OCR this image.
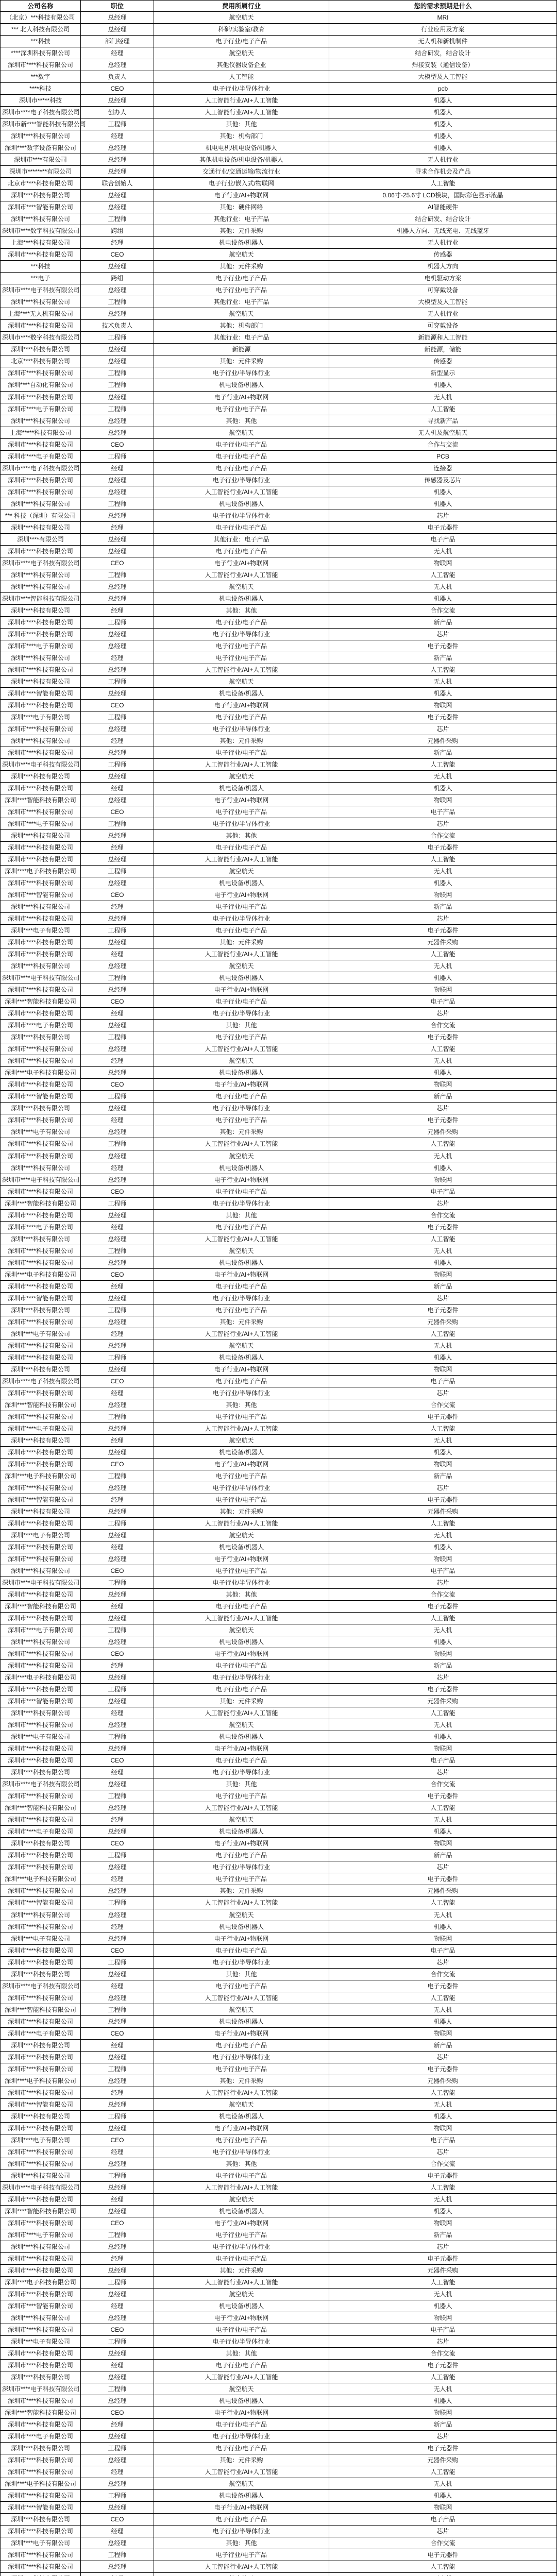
公司名称	职位	费用所属行业	您的需求预期是什么
（北京）***科技有限公司	总经理	航空航天	MRI
*** 北人科技有限公司	总经理	科研/实验室/教育	行业应用及方案
***科技	部门经理	电子行业/电子产品	无人机和新机制件
****深圳科技有限公司	经理	航空航天	结合研发，结合设计
深圳市****科技有限公司	总经理	其他仪器设备企业	焊接安装（通信设备）
***数字	负责人	人工智能	大模型及人工智能
****科技	CEO	电子行业/半导体行业	pcb
深圳市*****科技	总经理	人工智能行业/AI+人工智能	机器人
深圳市****电子科技有限公司	创办人	人工智能行业/AI+人工智能	机器人
深圳市新****智能科技有限公司	工程师	其他：其他	机器人
深圳****科技有限公司	经理	其他：机构部门	机器人
深圳****数字设备有限公司	总经理	机电电机/机电设备/机器人	机器人
深圳市****有限公司	总经理	其他机电设备/机电设备/机器人	无人机行业
深圳市********有限公司	总经理	交通行业/交通运输/物流行业	寻求合作机会及产品
北京市****科技有限公司	联合创始人	电子行业/嵌入式/物联网	人工智能
深圳****科技有限公司	总经理	电子行业/AI+物联网	0.06寸-25.6寸 LCD模块，国际彩色显示液晶
深圳市****智能有限公司	总经理	其他：硬件网络	AI智能硬件
深圳****科技有限公司	工程师	其他行业：电子产品	结合研发、结合设计
深圳市****数字科技有限公司	跨组	其他：元件采购	机器人方向、无线充电、无线蓝牙
上海****科技有限公司	经理	机电设备/机器人	无人机行业
深圳市****科技有限公司	CEO	航空航天	传感器
***科技	总经理	其他：元件采购	机器人方向
***电子	跨组	电子行业/电子产品	电机驱动方案
深圳市****电子科技有限公司	总经理	电子行业/电子产品	可穿戴设备
深圳****科技有限公司	工程师	其他行业：电子产品	大模型及人工智能
上海****无人机有限公司	总经理	航空航天	无人机行业
深圳市****科技有限公司	技术负责人	其他：机构部门	可穿戴设备
深圳市****数字科技有限公司	工程师	其他行业：电子产品	新能源和人工智能
深圳****科技有限公司	总经理	新能源	新能源，储能
北京****科技有限公司	总经理	其他：元件采购	传感器
深圳市****科技有限公司	工程师	电子行业/半导体行业	新型显示
深圳****自动化有限公司	工程师	机电设备/机器人	机器人
深圳市****科技有限公司	总经理	电子行业/AI+物联网	无人机
深圳市****电子有限公司	工程师	电子行业/电子产品	人工智能
深圳****科技有限公司	总经理	其他：其他	寻找新产品
上海*****科技有限公司	总经理	航空航天	无人机及航空航天
深圳市****科技有限公司	CEO	电子行业/电子产品	合作与交流
深圳市****电子有限公司	工程师	电子行业/电子产品	PCB
深圳市****电子科技有限公司	经理	电子行业/电子产品	连接器
深圳市****科技有限公司	总经理	电子行业/半导体行业	传感器及芯片
深圳市****科技有限公司	总经理	人工智能行业/AI+人工智能	机器人
深圳****科技有限公司	工程师	机电设备/机器人	机器人
*** 科技（深圳）有限公司	总经理	电子行业/半导体行业	芯片
深圳****科技有限公司	经理	电子行业/电子产品	电子元器件
深圳****有限公司	总经理	其他行业：电子产品	电子产品
深圳市****科技有限公司	总经理	电子行业/电子产品	无人机
深圳市****电子科技有限公司	CEO	电子行业/AI+物联网	物联网
深圳****科技有限公司	工程师	人工智能行业/AI+人工智能	人工智能
深圳****科技有限公司	总经理	航空航天	无人机
深圳市****智能科技有限公司	总经理	机电设备/机器人	机器人
深圳****科技有限公司	经理	其他：其他	合作交流
深圳市****科技有限公司	工程师	电子行业/电子产品	新产品
深圳市****科技有限公司	总经理	电子行业/半导体行业	芯片
深圳市****电子有限公司	总经理	电子行业/电子产品	电子元器件
深圳****科技有限公司	经理	电子行业/电子产品	新产品
深圳市****科技有限公司	总经理	人工智能行业/AI+人工智能	人工智能
深圳****科技有限公司	工程师	航空航天	无人机
深圳市****智能有限公司	总经理	机电设备/机器人	机器人
深圳市****科技有限公司	CEO	电子行业/AI+物联网	物联网
深圳****电子有限公司	工程师	电子行业/电子产品	电子元器件
深圳市****科技有限公司	总经理	电子行业/半导体行业	芯片
深圳****科技有限公司	经理	其他：元件采购	元器件采购
深圳市****科技有限公司	总经理	电子行业/电子产品	新产品
深圳市****电子科技有限公司	工程师	人工智能行业/AI+人工智能	人工智能
深圳****科技有限公司	总经理	航空航天	无人机
深圳市****科技有限公司	经理	机电设备/机器人	机器人
深圳****智能科技有限公司	总经理	电子行业/AI+物联网	物联网
深圳市****科技有限公司	CEO	电子行业/电子产品	电子产品
深圳市****电子有限公司	工程师	电子行业/半导体行业	芯片
深圳****科技有限公司	总经理	其他：其他	合作交流
深圳市****科技有限公司	经理	电子行业/电子产品	电子元器件
深圳市****科技有限公司	总经理	人工智能行业/AI+人工智能	人工智能
深圳****电子科技有限公司	工程师	航空航天	无人机
深圳市****科技有限公司	总经理	机电设备/机器人	机器人
深圳市****智能有限公司	CEO	电子行业/AI+物联网	物联网
深圳****科技有限公司	经理	电子行业/电子产品	新产品
深圳市****科技有限公司	总经理	电子行业/半导体行业	芯片
深圳****电子有限公司	工程师	电子行业/电子产品	电子元器件
深圳市****科技有限公司	总经理	其他：元件采购	元器件采购
深圳市****科技有限公司	经理	人工智能行业/AI+人工智能	人工智能
深圳****科技有限公司	总经理	航空航天	无人机
深圳市****电子科技有限公司	工程师	机电设备/机器人	机器人
深圳市****科技有限公司	总经理	电子行业/AI+物联网	物联网
深圳****智能科技有限公司	CEO	电子行业/电子产品	电子产品
深圳市****科技有限公司	经理	电子行业/半导体行业	芯片
深圳市****电子有限公司	总经理	其他：其他	合作交流
深圳****科技有限公司	工程师	电子行业/电子产品	电子元器件
深圳市****科技有限公司	总经理	人工智能行业/AI+人工智能	人工智能
深圳市****科技有限公司	经理	航空航天	无人机
深圳****电子科技有限公司	总经理	机电设备/机器人	机器人
深圳市****科技有限公司	CEO	电子行业/AI+物联网	物联网
深圳市****智能有限公司	工程师	电子行业/电子产品	新产品
深圳****科技有限公司	总经理	电子行业/半导体行业	芯片
深圳市****科技有限公司	经理	电子行业/电子产品	电子元器件
深圳****电子有限公司	总经理	其他：元件采购	元器件采购
深圳市****科技有限公司	工程师	人工智能行业/AI+人工智能	人工智能
深圳市****科技有限公司	总经理	航空航天	无人机
深圳****科技有限公司	经理	机电设备/机器人	机器人
深圳市****电子科技有限公司	总经理	电子行业/AI+物联网	物联网
深圳市****科技有限公司	CEO	电子行业/电子产品	电子产品
深圳****智能科技有限公司	工程师	电子行业/半导体行业	芯片
深圳市****科技有限公司	总经理	其他：其他	合作交流
深圳市****电子有限公司	经理	电子行业/电子产品	电子元器件
深圳****科技有限公司	总经理	人工智能行业/AI+人工智能	人工智能
深圳市****科技有限公司	工程师	航空航天	无人机
深圳市****科技有限公司	总经理	机电设备/机器人	机器人
深圳****电子科技有限公司	CEO	电子行业/AI+物联网	物联网
深圳市****科技有限公司	经理	电子行业/电子产品	新产品
深圳市****智能有限公司	总经理	电子行业/半导体行业	芯片
深圳****科技有限公司	工程师	电子行业/电子产品	电子元器件
深圳市****科技有限公司	总经理	其他：元件采购	元器件采购
深圳****电子有限公司	经理	人工智能行业/AI+人工智能	人工智能
深圳市****科技有限公司	总经理	航空航天	无人机
深圳市****科技有限公司	工程师	机电设备/机器人	机器人
深圳****科技有限公司	总经理	电子行业/AI+物联网	物联网
深圳市****电子科技有限公司	CEO	电子行业/电子产品	电子产品
深圳市****科技有限公司	经理	电子行业/半导体行业	芯片
深圳****智能科技有限公司	总经理	其他：其他	合作交流
深圳市****科技有限公司	工程师	电子行业/电子产品	电子元器件
深圳市****电子有限公司	总经理	人工智能行业/AI+人工智能	人工智能
深圳****科技有限公司	经理	航空航天	无人机
深圳市****科技有限公司	总经理	机电设备/机器人	机器人
深圳市****科技有限公司	CEO	电子行业/AI+物联网	物联网
深圳****电子科技有限公司	工程师	电子行业/电子产品	新产品
深圳市****科技有限公司	总经理	电子行业/半导体行业	芯片
深圳市****智能有限公司	经理	电子行业/电子产品	电子元器件
深圳****科技有限公司	总经理	其他：元件采购	元器件采购
深圳市****科技有限公司	工程师	人工智能行业/AI+人工智能	人工智能
深圳****电子有限公司	总经理	航空航天	无人机
深圳市****科技有限公司	经理	机电设备/机器人	机器人
深圳市****科技有限公司	总经理	电子行业/AI+物联网	物联网
深圳****科技有限公司	CEO	电子行业/电子产品	电子产品
深圳市****电子科技有限公司	工程师	电子行业/半导体行业	芯片
深圳市****科技有限公司	总经理	其他：其他	合作交流
深圳****智能科技有限公司	经理	电子行业/电子产品	电子元器件
深圳市****科技有限公司	总经理	人工智能行业/AI+人工智能	人工智能
深圳市****电子有限公司	工程师	航空航天	无人机
深圳****科技有限公司	总经理	机电设备/机器人	机器人
深圳市****科技有限公司	CEO	电子行业/AI+物联网	物联网
深圳市****科技有限公司	经理	电子行业/电子产品	新产品
深圳****电子科技有限公司	总经理	电子行业/半导体行业	芯片
深圳市****科技有限公司	工程师	电子行业/电子产品	电子元器件
深圳市****智能有限公司	总经理	其他：元件采购	元器件采购
深圳****科技有限公司	经理	人工智能行业/AI+人工智能	人工智能
深圳市****科技有限公司	总经理	航空航天	无人机
深圳****电子有限公司	工程师	机电设备/机器人	机器人
深圳市****科技有限公司	总经理	电子行业/AI+物联网	物联网
深圳市****科技有限公司	CEO	电子行业/电子产品	电子产品
深圳****科技有限公司	经理	电子行业/半导体行业	芯片
深圳市****电子科技有限公司	总经理	其他：其他	合作交流
深圳市****科技有限公司	工程师	电子行业/电子产品	电子元器件
深圳****智能科技有限公司	总经理	人工智能行业/AI+人工智能	人工智能
深圳市****科技有限公司	经理	航空航天	无人机
深圳市****电子有限公司	总经理	机电设备/机器人	机器人
深圳****科技有限公司	CEO	电子行业/AI+物联网	物联网
深圳市****科技有限公司	工程师	电子行业/电子产品	新产品
深圳市****科技有限公司	总经理	电子行业/半导体行业	芯片
深圳****电子科技有限公司	经理	电子行业/电子产品	电子元器件
深圳市****科技有限公司	总经理	其他：元件采购	元器件采购
深圳市****智能有限公司	工程师	人工智能行业/AI+人工智能	人工智能
深圳****科技有限公司	总经理	航空航天	无人机
深圳市****科技有限公司	经理	机电设备/机器人	机器人
深圳****电子有限公司	总经理	电子行业/AI+物联网	物联网
深圳市****科技有限公司	CEO	电子行业/电子产品	电子产品
深圳市****科技有限公司	工程师	电子行业/半导体行业	芯片
深圳****科技有限公司	总经理	其他：其他	合作交流
深圳市****电子科技有限公司	经理	电子行业/电子产品	电子元器件
深圳市****科技有限公司	总经理	人工智能行业/AI+人工智能	人工智能
深圳****智能科技有限公司	工程师	航空航天	无人机
深圳市****科技有限公司	总经理	机电设备/机器人	机器人
深圳市****电子有限公司	CEO	电子行业/AI+物联网	物联网
深圳****科技有限公司	经理	电子行业/电子产品	新产品
深圳市****科技有限公司	总经理	电子行业/半导体行业	芯片
深圳市****科技有限公司	工程师	电子行业/电子产品	电子元器件
深圳****电子科技有限公司	总经理	其他：元件采购	元器件采购
深圳市****科技有限公司	经理	人工智能行业/AI+人工智能	人工智能
深圳市****智能有限公司	总经理	航空航天	无人机
深圳****科技有限公司	工程师	机电设备/机器人	机器人
深圳市****科技有限公司	总经理	电子行业/AI+物联网	物联网
深圳****电子有限公司	CEO	电子行业/电子产品	电子产品
深圳市****科技有限公司	经理	电子行业/半导体行业	芯片
深圳市****科技有限公司	总经理	其他：其他	合作交流
深圳****科技有限公司	工程师	电子行业/电子产品	电子元器件
深圳市****电子科技有限公司	总经理	人工智能行业/AI+人工智能	人工智能
深圳市****科技有限公司	经理	航空航天	无人机
深圳****智能科技有限公司	总经理	机电设备/机器人	机器人
深圳市****科技有限公司	CEO	电子行业/AI+物联网	物联网
深圳市****电子有限公司	工程师	电子行业/电子产品	新产品
深圳****科技有限公司	总经理	电子行业/半导体行业	芯片
深圳市****科技有限公司	经理	电子行业/电子产品	电子元器件
深圳市****科技有限公司	总经理	其他：元件采购	元器件采购
深圳****电子科技有限公司	工程师	人工智能行业/AI+人工智能	人工智能
深圳市****科技有限公司	总经理	航空航天	无人机
深圳市****智能有限公司	经理	机电设备/机器人	机器人
深圳****科技有限公司	总经理	电子行业/AI+物联网	物联网
深圳市****科技有限公司	CEO	电子行业/电子产品	电子产品
深圳****电子有限公司	工程师	电子行业/半导体行业	芯片
深圳市****科技有限公司	总经理	其他：其他	合作交流
深圳市****科技有限公司	经理	电子行业/电子产品	电子元器件
深圳****科技有限公司	总经理	人工智能行业/AI+人工智能	人工智能
深圳市****电子科技有限公司	工程师	航空航天	无人机
深圳市****科技有限公司	总经理	机电设备/机器人	机器人
深圳****智能科技有限公司	CEO	电子行业/AI+物联网	物联网
深圳市****科技有限公司	经理	电子行业/电子产品	新产品
深圳市****电子有限公司	总经理	电子行业/半导体行业	芯片
深圳****科技有限公司	工程师	电子行业/电子产品	电子元器件
深圳市****科技有限公司	总经理	其他：元件采购	元器件采购
深圳市****科技有限公司	经理	人工智能行业/AI+人工智能	人工智能
深圳****电子科技有限公司	总经理	航空航天	无人机
深圳市****科技有限公司	工程师	机电设备/机器人	机器人
深圳市****智能有限公司	总经理	电子行业/AI+物联网	物联网
深圳****科技有限公司	CEO	电子行业/电子产品	电子产品
深圳市****科技有限公司	经理	电子行业/半导体行业	芯片
深圳****电子有限公司	总经理	其他：其他	合作交流
深圳市****科技有限公司	工程师	电子行业/电子产品	电子元器件
深圳市****科技有限公司	总经理	人工智能行业/AI+人工智能	人工智能
